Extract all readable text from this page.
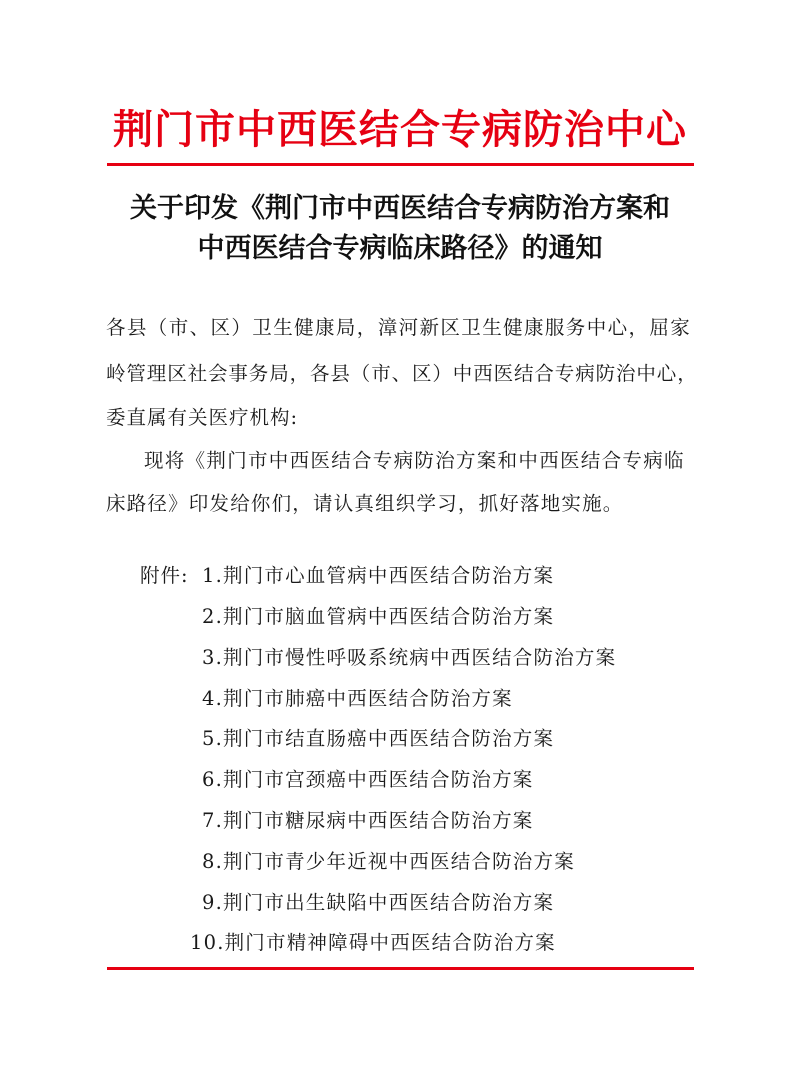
荆门市中西医结合专病防治中心
关于印发《荆门市中西医结合专病防治方案和
中西医结合专病临床路径》的通知
各县（市、区）卫生健康局，漳河新区卫生健康服务中心，屈家
岭管理区社会事务局，各县（市、区）中西医结合专病防治中心，
委直属有关医疗机构:
现将《荆门市中西医结合专病防治方案和中西医结合专病临
床路径》印发给你们，请认真组织学习，抓好落地实施。
附件: 1.荆门市心血管病中西医结合防治方案
2.荆门市脑血管病中西医结合防治方案
3.荆门市慢性呼吸系统病中西医结合防治方案
4.荆门市肺癌中西医结合防治方案
5.荆门市结直肠癌中西医结合防治方案
6.荆门市宫颈癌中西医结合防治方案
7.荆门市糖尿病中西医结合防治方案
8.荆门市青少年近视中西医结合防治方案
9.荆门市出生缺陷中西医结合防治方案
10.荆门市精神障碍中西医结合防治方案
